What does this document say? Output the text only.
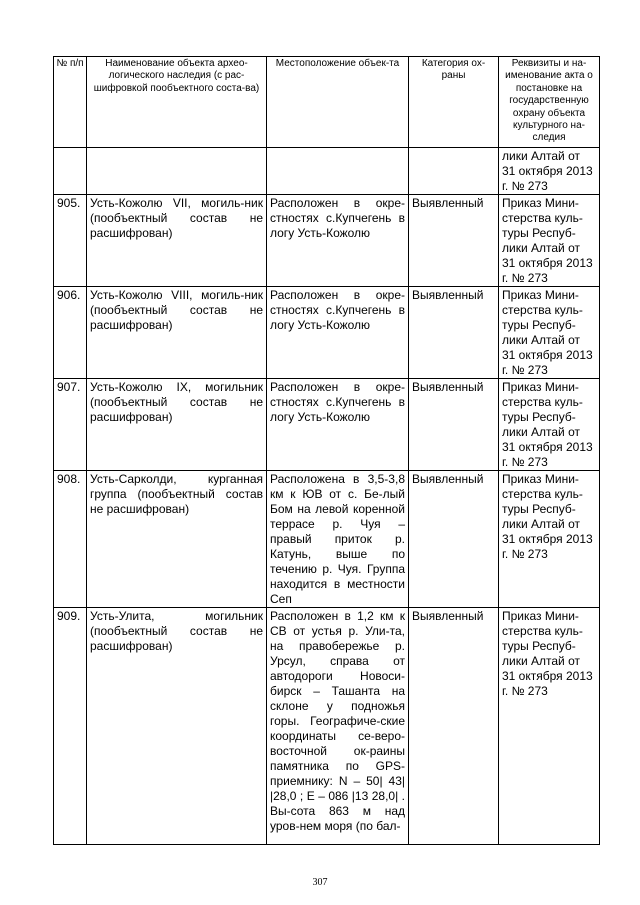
№ п/п	Наименование объекта архео-логического наследия (с рас-шифровкой пообъектного соста-ва)	Местоположение объек-та	Категория ох-раны	Реквизиты и на-именование акта о постановке на государственную охрану объекта культурного на-следия
				лики Алтай от 31 октября 2013 г. № 273
905.	Усть-Кожолю VII, могиль-ник (пообъектный состав не расшифрован)	Расположен в окре-стностях с.Купчегень в логу Усть-Кожолю	Выявленный	Приказ Мини-стерства куль-туры Респуб-лики Алтай от 31 октября 2013 г. № 273
906.	Усть-Кожолю VIII, могиль-ник (пообъектный состав не расшифрован)	Расположен в окре-стностях с.Купчегень в логу Усть-Кожолю	Выявленный	Приказ Мини-стерства куль-туры Респуб-лики Алтай от 31 октября 2013 г. № 273
907.	Усть-Кожолю IX, могильник (пообъектный состав не расшифрован)	Расположен в окре-стностях с.Купчегень в логу Усть-Кожолю	Выявленный	Приказ Мини-стерства куль-туры Респуб-лики Алтай от 31 октября 2013 г. № 273
908.	Усть-Сарколди, курганная группа (пообъектный состав не расшифрован)	Расположена в 3,5-3,8 км к ЮВ от с. Бе-лый Бом на левой коренной террасе р. Чуя – правый приток р. Катунь, выше по течению р. Чуя. Группа находится в местности Сеп	Выявленный	Приказ Мини-стерства куль-туры Респуб-лики Алтай от 31 октября 2013 г. № 273
909.	Усть-Улита, могильник (пообъектный состав не расшифрован)	Расположен в 1,2 км к СВ от устья р. Ули-та, на правобережье р. Урсул, справа от автодороги Новоси-бирск – Ташанта на склоне у подножья горы. Географиче-ские координаты се-веро-восточной ок-раины памятника по GPS-приемнику: N – 50| 43| |28,0 ; E – 086 |13 28,0| . Вы-сота 863 м над уров-нем моря (по бал-	Выявленный	Приказ Мини-стерства куль-туры Респуб-лики Алтай от 31 октября 2013 г. № 273
307
